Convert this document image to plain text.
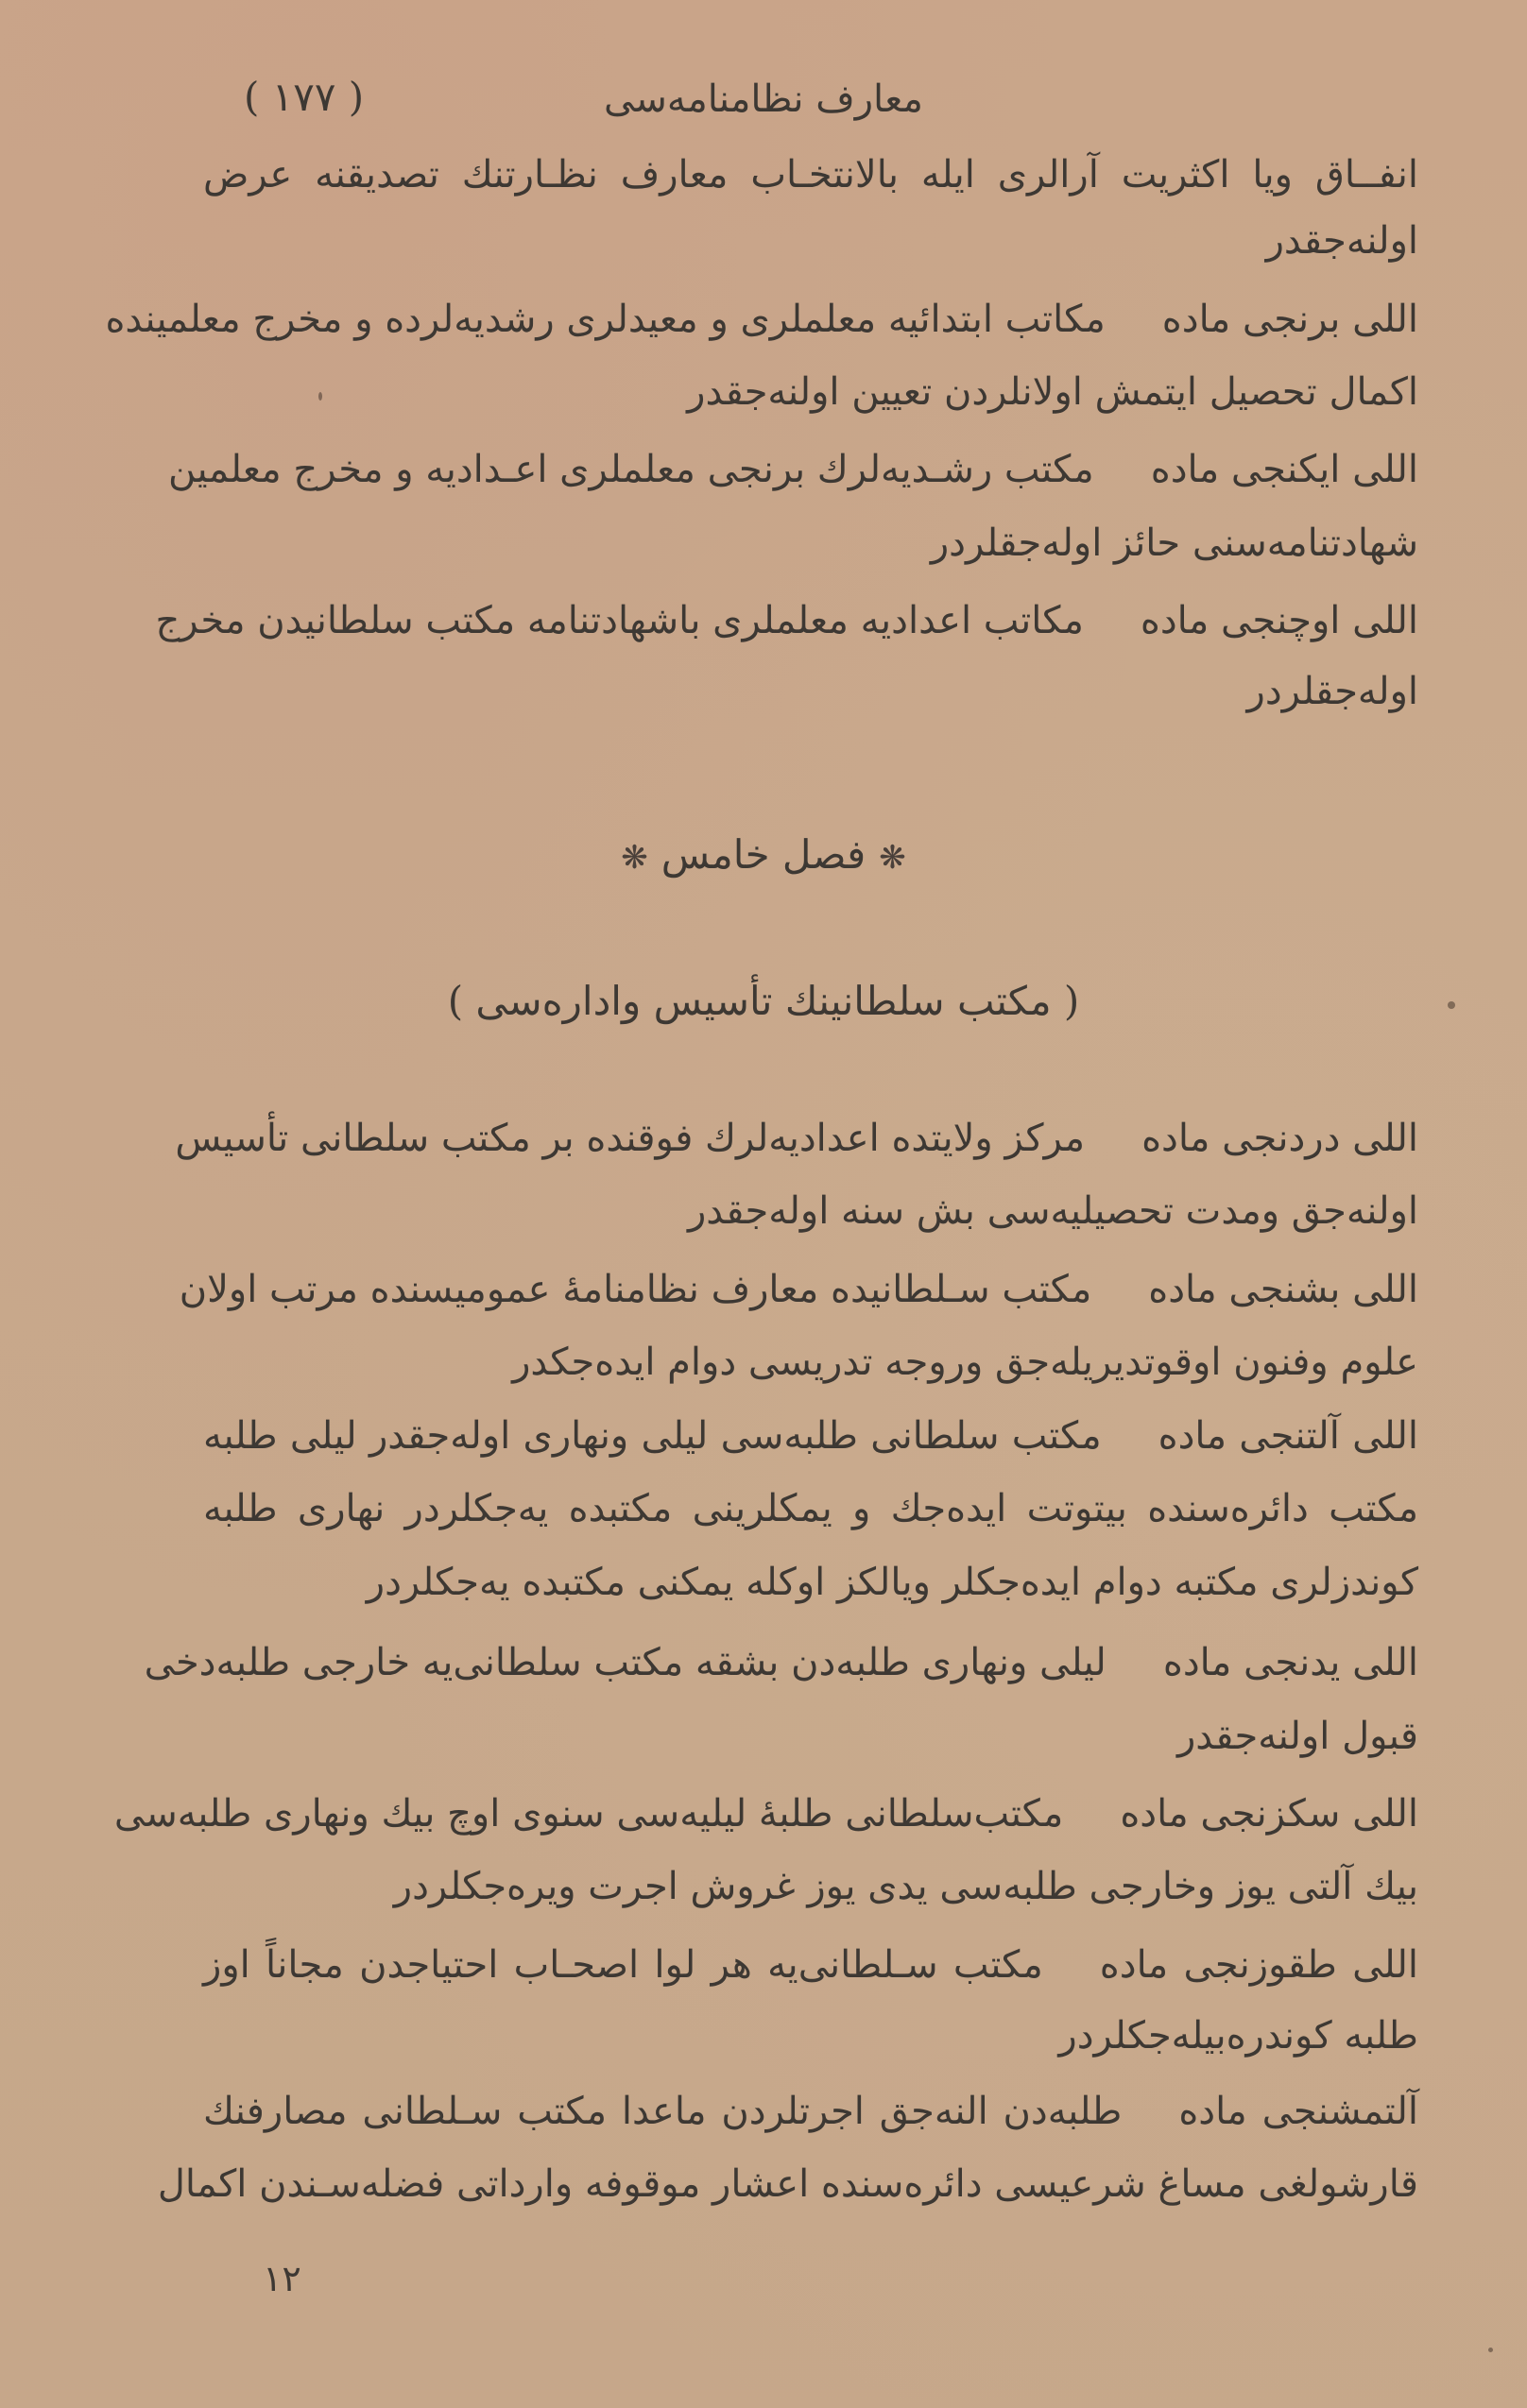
( ۱۷۷ )	معارف نظامنامه‌سی
انفــاق ویا اکثریت آرالری ایله بالانتخـاب معارف نظـارتنك تصدیقنه عرض
اولنه‌جقدر
اللی برنجی مادهمکاتب ابتدائیه معلملری و معیدلری رشدیه‌لرده و مخرج معلمینده
اکمال تحصیل ایتمش اولانلردن تعیین اولنه‌جقدر
اللی ایکنجی مادهمکتب رشـدیه‌لرك برنجی معلملری اعـدادیه و مخرج معلمین
شهادتنامه‌سنی حائز اوله‌جقلردر
اللی اوچنجی مادهمکاتب اعدادیه معلملری باشهادتنامه مکتب سلطانیدن مخرج
اوله‌جقلردر
❋فصل خامس❋
( مکتب سلطانینك تأسیس وادارەسی )
اللی دردنجی مادهمرکز ولایتده اعدادیه‌لرك فوقنده بر مکتب سلطانی تأسیس
اولنه‌جق ومدت تحصیلیه‌سی بش سنه اوله‌جقدر
اللی بشنجی مادهمکتب سـلطانیده معارف نظامنامهٔ عمومیسنده مرتب اولان
علوم وفنون اوقوتدیریله‌جق وروجه تدریسی دوام ایده‌جکدر
اللی آلتنجی مادهمکتب سلطانی طلبه‌سی لیلی ونهاری اوله‌جقدر لیلی طلبه
مکتب دائره‌سنده بیتوتت ایده‌جك و یمکلرینی مکتبده یه‌جکلردر نهاری طلبه
کوندزلری مکتبه دوام ایده‌جکلر ویالکز اوکله یمکنی مکتبده یه‌جکلردر
اللی یدنجی مادهلیلی ونهاری طلبه‌دن بشقه مکتب سلطانی‌یه خارجی طلبه‌دخی
قبول اولنه‌جقدر
اللی سکزنجی مادهمکتب‌سلطانی طلبهٔ لیلیه‌سی سنوی اوچ بیك ونهاری طلبه‌سی
بیك آلتی یوز وخارجی طلبه‌سی یدی یوز غروش اجرت ویره‌جکلردر
اللی طقوزنجی مادهمکتب سـلطانی‌یه هر لوا اصحـاب احتیاجدن مجاناً اوز
طلبه کوندره‌بیله‌جکلردر
آلتمشنجی مادهطلبه‌دن النه‌جق اجرتلردن ماعدا مکتب سـلطانی مصارفنك
قارشولغی مساغ شرعیسی دائره‌سنده اعشار موقوفه وارداتی فضله‌سـندن اکمال
۱۲
